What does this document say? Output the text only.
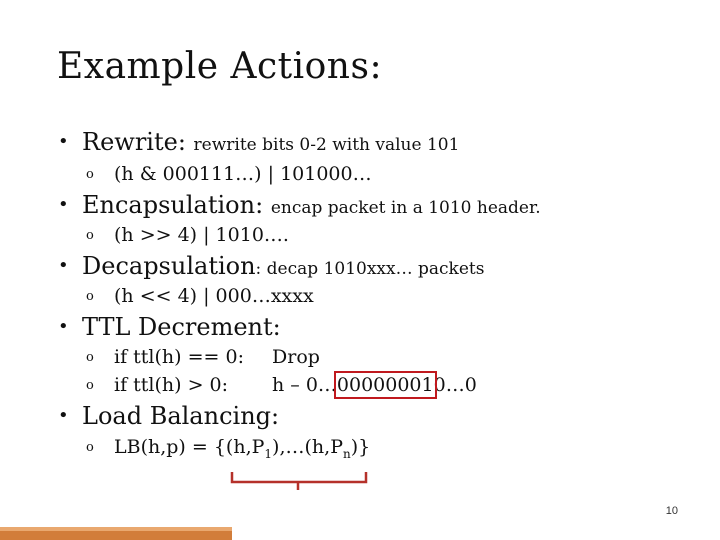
Example Actions:
• Rewrite: rewrite bits 0-2 with value 101
o (h & 000111…) | 101000…
• Encapsulation: encap packet in a 1010 header.
o (h >> 4) | 1010….
• Decapsulation: decap 1010xxx… packets
o (h << 4) | 000…xxxx
• TTL Decrement:
o if ttl(h) == 0: Drop
o if ttl(h) > 0: h – 0…000000010…0
• Load Balancing:
o $LB(h,p) = \{(h,P_1),\dots(h,P_n)\}$
10
